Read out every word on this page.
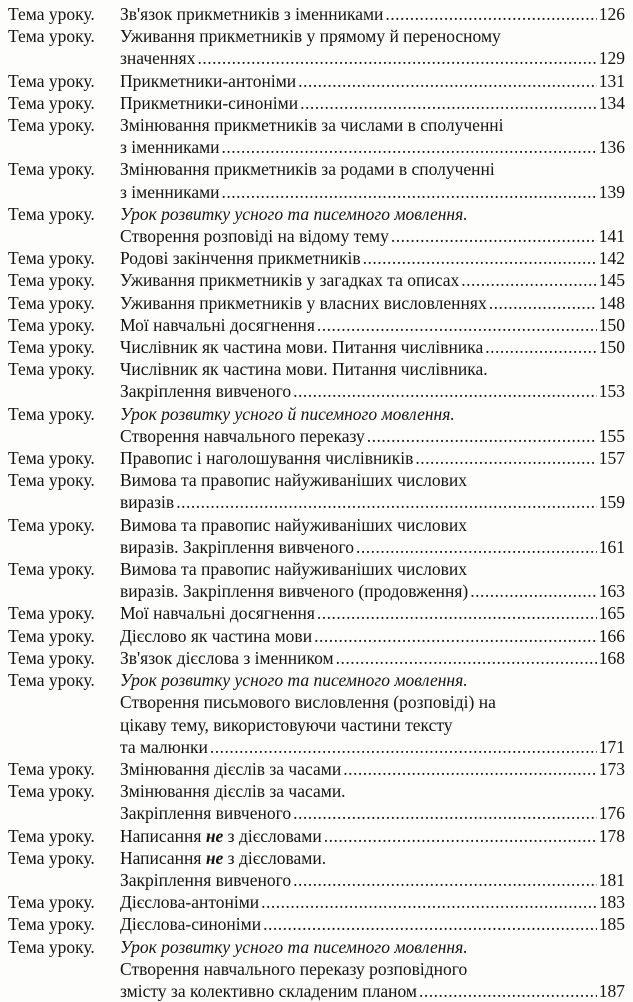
Тема уроку.	Зв'язок прикметників з іменниками .....	126
Тема уроку.	Уживання прикметників у прямому й переносному
значеннях .....	129
Тема уроку.	Прикметники-антоніми .....	131
Тема уроку.	Прикметники-синоніми .....	134
Тема уроку.	Змінювання прикметників за числами в сполученні
з іменниками .....	136
Тема уроку.	Змінювання прикметників за родами в сполученні
з іменниками .....	139
Тема уроку.	Урок розвитку усного та писемного мовлення.
Створення розповіді на відому тему .....	141
Тема уроку.	Родові закінчення прикметників .....	142
Тема уроку.	Уживання прикметників у загадках та описах .....	145
Тема уроку.	Уживання прикметників у власних висловленнях .....	148
Тема уроку.	Мої навчальні досягнення .....	150
Тема уроку.	Числівник як частина мови. Питання числівника .....	150
Тема уроку.	Числівник як частина мови. Питання числівника.
Закріплення вивченого .....	153
Тема уроку.	Урок розвитку усного й писемного мовлення.
Створення навчального переказу .....	155
Тема уроку.	Правопис і наголошування числівників .....	157
Тема уроку.	Вимова та правопис найуживаніших числових
виразів .....	159
Тема уроку.	Вимова та правопис найуживаніших числових
виразів. Закріплення вивченого .....	161
Тема уроку.	Вимова та правопис найуживаніших числових
виразів. Закріплення вивченого (продовження) .....	163
Тема уроку.	Мої навчальні досягнення .....	165
Тема уроку.	Дієслово як частина мови .....	166
Тема уроку.	Зв'язок дієслова з іменником .....	168
Тема уроку.	Урок розвитку усного та писемного мовлення.
Створення письмового висловлення (розповіді) на
цікаву тему, використовуючи частини тексту
та малюнки .....	171
Тема уроку.	Змінювання дієслів за часами .....	173
Тема уроку.	Змінювання дієслів за часами.
Закріплення вивченого .....	176
Тема уроку.	Написання не з дієсловами .....	178
Тема уроку.	Написання не з дієсловами.
Закріплення вивченого .....	181
Тема уроку.	Дієслова-антоніми .....	183
Тема уроку.	Дієслова-синоніми .....	185
Тема уроку.	Урок розвитку усного та писемного мовлення.
Створення навчального переказу розповідного
змісту за колективно складеним планом .....	187
